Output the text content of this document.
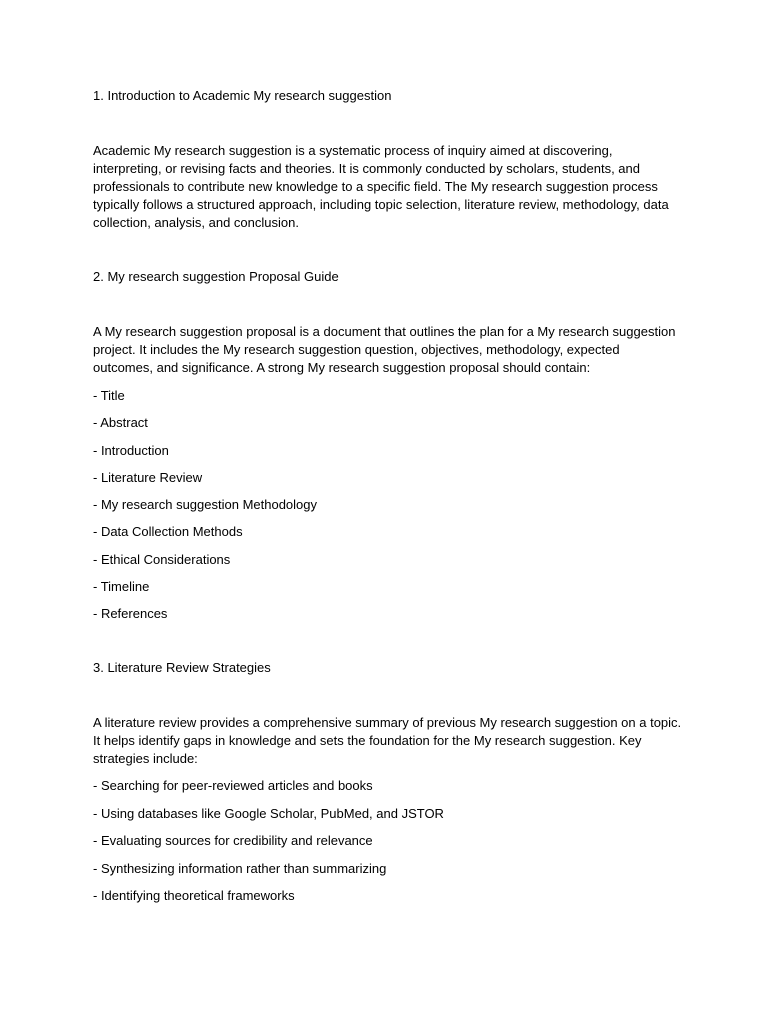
1. Introduction to Academic My research suggestion

Academic My research suggestion is a systematic process of inquiry aimed at discovering, interpreting, or revising facts and theories. It is commonly conducted by scholars, students, and professionals to contribute new knowledge to a specific field. The My research suggestion process typically follows a structured approach, including topic selection, literature review, methodology, data collection, analysis, and conclusion.

2. My research suggestion Proposal Guide

A My research suggestion proposal is a document that outlines the plan for a My research suggestion project. It includes the My research suggestion question, objectives, methodology, expected outcomes, and significance. A strong My research suggestion proposal should contain:

- Title
- Abstract
- Introduction
- Literature Review
- My research suggestion Methodology
- Data Collection Methods
- Ethical Considerations
- Timeline
- References
3. Literature Review Strategies

A literature review provides a comprehensive summary of previous My research suggestion on a topic. It helps identify gaps in knowledge and sets the foundation for the My research suggestion. Key strategies include:

- Searching for peer-reviewed articles and books
- Using databases like Google Scholar, PubMed, and JSTOR
- Evaluating sources for credibility and relevance
- Synthesizing information rather than summarizing
- Identifying theoretical frameworks
